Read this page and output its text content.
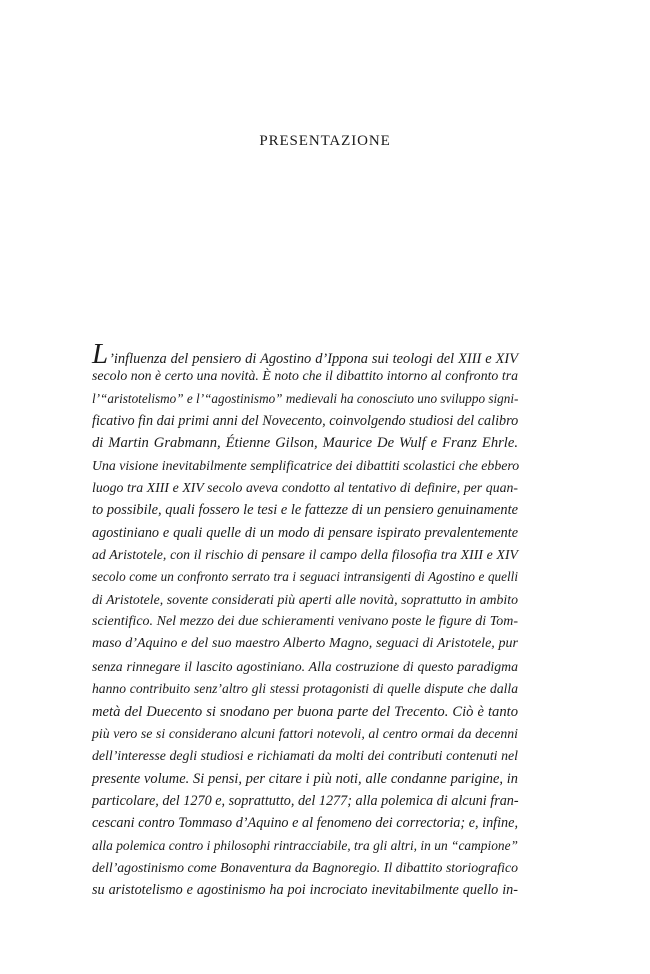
PRESENTAZIONE
L’influenza del pensiero di Agostino d’Ippona sui teologi del XIII e XIV
secolo non è certo una novità. È noto che il dibattito intorno al confronto tra
l’“aristotelismo” e l’“agostinismo” medievali ha conosciuto uno sviluppo signi-
ficativo fin dai primi anni del Novecento, coinvolgendo studiosi del calibro
di Martin Grabmann, Étienne Gilson, Maurice De Wulf e Franz Ehrle.
Una visione inevitabilmente semplificatrice dei dibattiti scolastici che ebbero
luogo tra XIII e XIV secolo aveva condotto al tentativo di definire, per quan-
to possibile, quali fossero le tesi e le fattezze di un pensiero genuinamente
agostiniano e quali quelle di un modo di pensare ispirato prevalentemente
ad Aristotele, con il rischio di pensare il campo della filosofia tra XIII e XIV
secolo come un confronto serrato tra i seguaci intransigenti di Agostino e quelli
di Aristotele, sovente considerati più aperti alle novità, soprattutto in ambito
scientifico. Nel mezzo dei due schieramenti venivano poste le figure di Tom-
maso d’Aquino e del suo maestro Alberto Magno, seguaci di Aristotele, pur
senza rinnegare il lascito agostiniano. Alla costruzione di questo paradigma
hanno contribuito senz’altro gli stessi protagonisti di quelle dispute che dalla
metà del Duecento si snodano per buona parte del Trecento. Ciò è tanto
più vero se si considerano alcuni fattori notevoli, al centro ormai da decenni
dell’interesse degli studiosi e richiamati da molti dei contributi contenuti nel
presente volume. Si pensi, per citare i più noti, alle condanne parigine, in
particolare, del 1270 e, soprattutto, del 1277; alla polemica di alcuni fran-
cescani contro Tommaso d’Aquino e al fenomeno dei correctoria; e, infine,
alla polemica contro i philosophi rintracciabile, tra gli altri, in un “campione”
dell’agostinismo come Bonaventura da Bagnoregio. Il dibattito storiografico
su aristotelismo e agostinismo ha poi incrociato inevitabilmente quello in-
